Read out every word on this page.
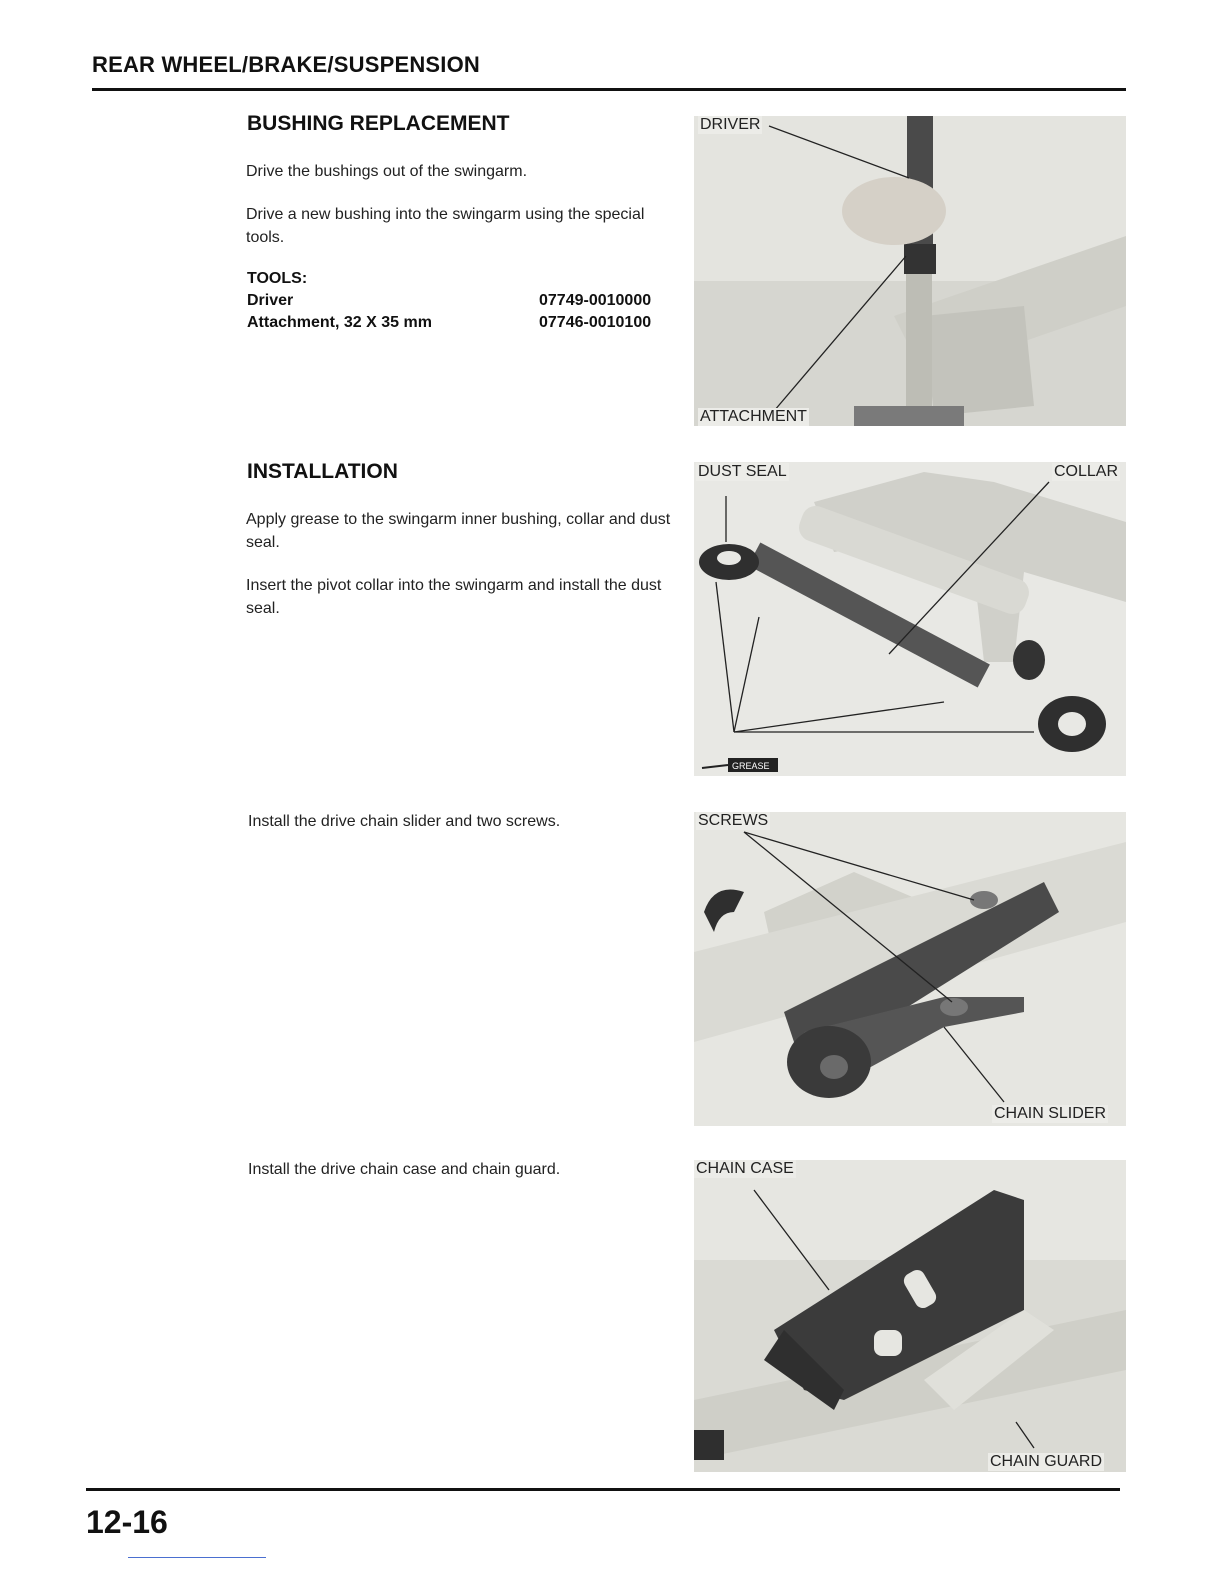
REAR WHEEL/BRAKE/SUSPENSION
BUSHING REPLACEMENT
Drive the bushings out of the swingarm.
Drive a new bushing into the swingarm using the special tools.
TOOLS:
Driver	07749-0010000
Attachment, 32 X 35 mm	07746-0010100
INSTALLATION
Apply grease to the swingarm inner bushing, collar and dust seal.
Insert the pivot collar into the swingarm and install the dust seal.
Install the drive chain slider and two screws.
Install the drive chain case and chain guard.
DRIVER
ATTACHMENT
GREASE
DUST SEAL	COLLAR
SCREWS
CHAIN SLIDER
CHAIN CASE
CHAIN GUARD
12-16
